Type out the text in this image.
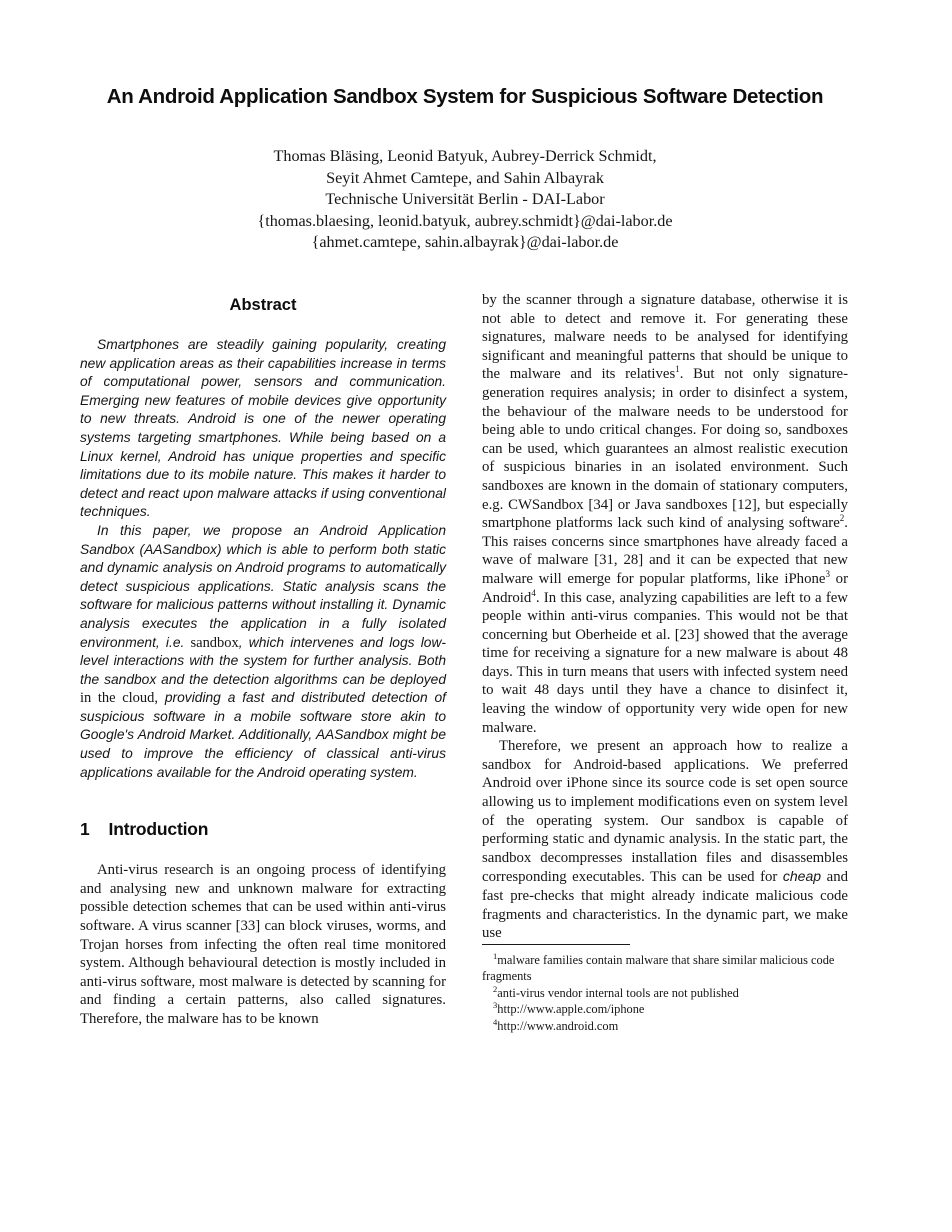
An Android Application Sandbox System for Suspicious Software Detection
Thomas Bläsing, Leonid Batyuk, Aubrey-Derrick Schmidt,
Seyit Ahmet Camtepe, and Sahin Albayrak
Technische Universität Berlin - DAI-Labor
{thomas.blaesing, leonid.batyuk, aubrey.schmidt}@dai-labor.de
{ahmet.camtepe, sahin.albayrak}@dai-labor.de
Abstract
Smartphones are steadily gaining popularity, creating new application areas as their capabilities increase in terms of computational power, sensors and communication. Emerging new features of mobile devices give opportunity to new threats. Android is one of the newer operating systems targeting smartphones. While being based on a Linux kernel, Android has unique properties and specific limitations due to its mobile nature. This makes it harder to detect and react upon malware attacks if using conventional techniques.
In this paper, we propose an Android Application Sandbox (AASandbox) which is able to perform both static and dynamic analysis on Android programs to automatically detect suspicious applications. Static analysis scans the software for malicious patterns without installing it. Dynamic analysis executes the application in a fully isolated environment, i.e. sandbox, which intervenes and logs low-level interactions with the system for further analysis. Both the sandbox and the detection algorithms can be deployed in the cloud, providing a fast and distributed detection of suspicious software in a mobile software store akin to Google's Android Market. Additionally, AASandbox might be used to improve the efficiency of classical anti-virus applications available for the Android operating system.
1 Introduction
Anti-virus research is an ongoing process of identifying and analysing new and unknown malware for extracting possible detection schemes that can be used within anti-virus software. A virus scanner [33] can block viruses, worms, and Trojan horses from infecting the often real time monitored system. Although behavioural detection is mostly included in anti-virus software, most malware is detected by scanning for and finding a certain patterns, also called signatures. Therefore, the malware has to be known
by the scanner through a signature database, otherwise it is not able to detect and remove it. For generating these signatures, malware needs to be analysed for identifying significant and meaningful patterns that should be unique to the malware and its relatives$^1$. But not only signature-generation requires analysis; in order to disinfect a system, the behaviour of the malware needs to be understood for being able to undo critical changes. For doing so, sandboxes can be used, which guarantees an almost realistic execution of suspicious binaries in an isolated environment. Such sandboxes are known in the domain of stationary computers, e.g. CWSandbox [34] or Java sandboxes [12], but especially smartphone platforms lack such kind of analysing software$^2$. This raises concerns since smartphones have already faced a wave of malware [31, 28] and it can be expected that new malware will emerge for popular platforms, like iPhone$^3$ or Android$^4$. In this case, analyzing capabilities are left to a few people within anti-virus companies. This would not be that concerning but Oberheide et al. [23] showed that the average time for receiving a signature for a new malware is about 48 days. This in turn means that users with infected system need to wait 48 days until they have a chance to disinfect it, leaving the window of opportunity very wide open for new malware.
Therefore, we present an approach how to realize a sandbox for Android-based applications. We preferred Android over iPhone since its source code is set open source allowing us to implement modifications even on system level of the operating system. Our sandbox is capable of performing static and dynamic analysis. In the static part, the sandbox decompresses installation files and disassembles corresponding executables. This can be used for cheap and fast pre-checks that might already indicate malicious code fragments and characteristics. In the dynamic part, we make use
$^1$malware families contain malware that share similar malicious code fragments
$^2$anti-virus vendor internal tools are not published
$^3$http://www.apple.com/iphone
$^4$http://www.android.com
